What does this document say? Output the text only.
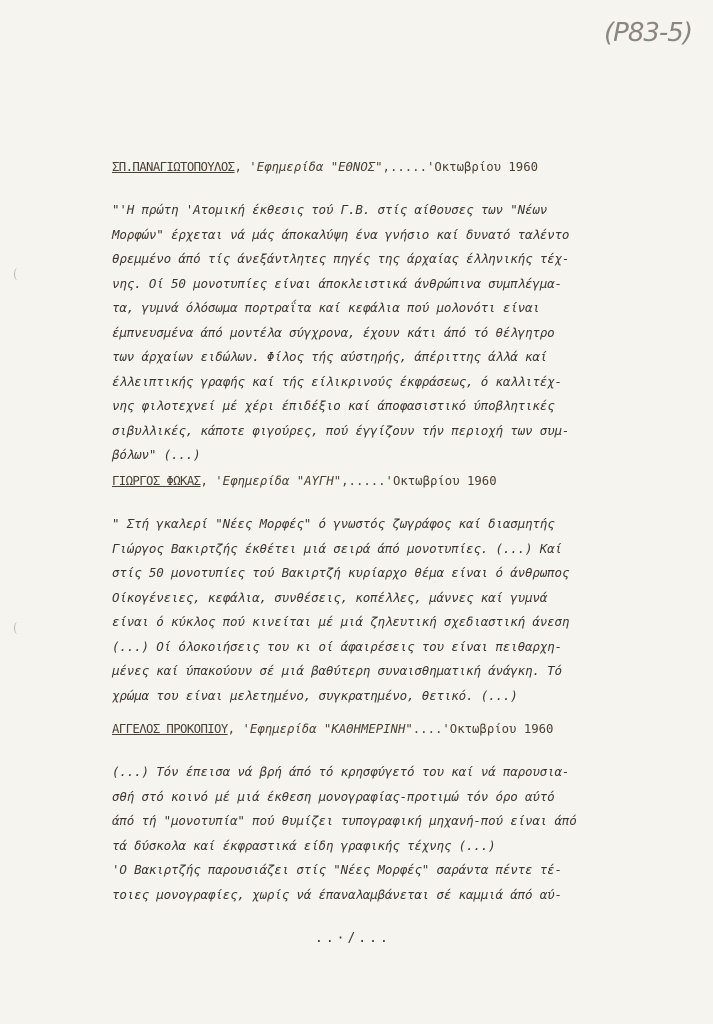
(Ρ83-5)
ΣΠ.ΠΑΝΑΓΙΩΤΟΠΟΥΛΟΣ, 'Εφημερίδα "ΕΘΝΟΣ",.....'Οκτωβρίου 1960
"'Η πρώτη 'Ατομική έκθεσις τού Γ.Β. στίς αίθουσες των "Νέων
Μορφών" έρχεται νά μάς άποκαλύψη ένα γνήσιο καί δυνατό ταλέντο
θρεμμένο άπό τίς άνεξάντλητες πηγές της άρχαίας έλληνικής τέχ-
νης. Οί 50 μονοτυπίες είναι άποκλειστικά άνθρώπινα συμπλέγμα-
τα, γυμνά όλόσωμα πορτραΐτα καί κεφάλια πού μολονότι είναι
έμπνευσμένα άπό μοντέλα σύγχρονα, έχουν κάτι άπό τό θέλγητρο
των άρχαίων ειδώλων. Φίλος τής αύστηρής, άπέριττης άλλά καί
έλλειπτικής γραφής καί τής είλικρινούς έκφράσεως, ό καλλιτέχ-
νης φιλοτεχνεί μέ χέρι έπιδέξιο καί άποφασιστικό ύποβλητικές
σιβυλλικές, κάποτε φιγούρες, πού έγγίζουν τήν περιοχή των συμ-
βόλων" (...)
ΓΙΩΡΓΟΣ ΦΩΚΑΣ, 'Εφημερίδα "ΑΥΓΗ",.....'Οκτωβρίου 1960
" Στή γκαλερί "Νέες Μορφές" ό γνωστός ζωγράφος καί διασμητής
Γιώργος Βακιρτζής έκθέτει μιά σειρά άπό μονοτυπίες. (...) Καί
στίς 50 μονοτυπίες τού Βακιρτζή κυρίαρχο θέμα είναι ό άνθρωπος
Οίκογένειες, κεφάλια, συνθέσεις, κοπέλλες, μάννες καί γυμνά
είναι ό κύκλος πού κινείται μέ μιά ζηλευτική σχεδιαστική άνεση
(...) Οί όλοκοιήσεις του κι οί άφαιρέσεις του είναι πειθαρχη-
μένες καί ύπακούουν σέ μιά βαθύτερη συναισθηματική άνάγκη. Τό
χρώμα του είναι μελετημένο, συγκρατημένο, θετικό. (...)
ΑΓΓΕΛΟΣ ΠΡΟΚΟΠΙΟΥ, 'Εφημερίδα "ΚΑΘΗΜΕΡΙΝΗ"....'Οκτωβρίου 1960
(...) Τόν έπεισα νά βρή άπό τό κρησφύγετό του καί νά παρουσια-
σθή στό κοινό μέ μιά έκθεση μονογραφίας-προτιμώ τόν όρο αύτό
άπό τή "μονοτυπία" πού θυμίζει τυπογραφική μηχανή-πού είναι άπό
τά δύσκολα καί έκφραστικά είδη γραφικής τέχνης (...)
'Ο Βακιρτζής παρουσιάζει στίς "Νέες Μορφές" σαράντα πέντε τέ-
τοιες μονογραφίες, χωρίς νά έπαναλαμβάνεται σέ καμμιά άπό αύ-
..·/...
